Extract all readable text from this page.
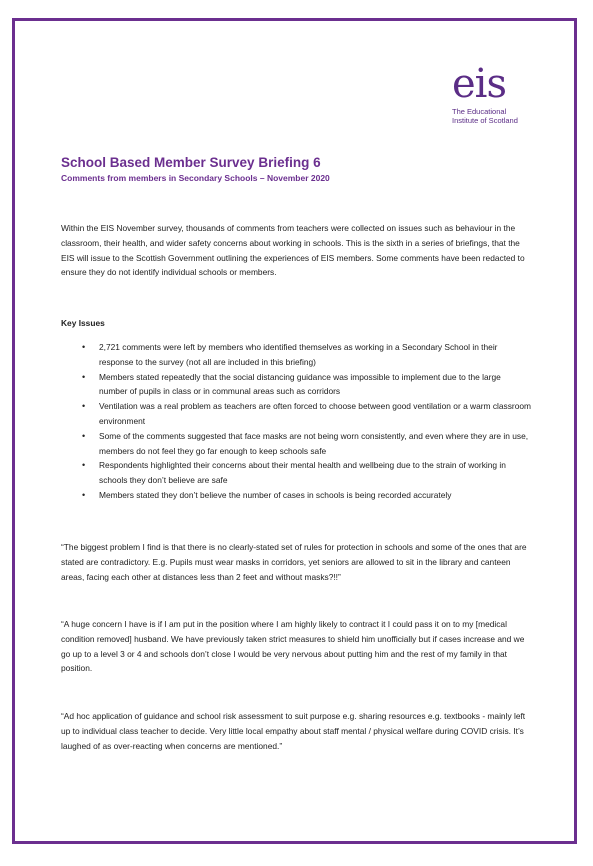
eis
The Educational
Institute of Scotland
School Based Member Survey Briefing 6
Comments from members in Secondary Schools – November 2020
Within the EIS November survey, thousands of comments from teachers were collected on issues such as behaviour in the classroom, their health, and wider safety concerns about working in schools. This is the sixth in a series of briefings, that the EIS will issue to the Scottish Government outlining the experiences of EIS members. Some comments have been redacted to ensure they do not identify individual schools or members.
Key Issues
• 2,721 comments were left by members who identified themselves as working in a Secondary School in their response to the survey (not all are included in this briefing)
• Members stated repeatedly that the social distancing guidance was impossible to implement due to the large number of pupils in class or in communal areas such as corridors
• Ventilation was a real problem as teachers are often forced to choose between good ventilation or a warm classroom environment
• Some of the comments suggested that face masks are not being worn consistently, and even where they are in use, members do not feel they go far enough to keep schools safe
• Respondents highlighted their concerns about their mental health and wellbeing due to the strain of working in schools they don’t believe are safe
• Members stated they don’t believe the number of cases in schools is being recorded accurately
“The biggest problem I find is that there is no clearly-stated set of rules for protection in schools and some of the ones that are stated are contradictory. E.g. Pupils must wear masks in corridors, yet seniors are allowed to sit in the library and canteen areas, facing each other at distances less than 2 feet and without masks?!!”
“A huge concern I have is if I am put in the position where I am highly likely to contract it I could pass it on to my [medical condition removed] husband. We have previously taken strict measures to shield him unofficially but if cases increase and we go up to a level 3 or 4 and schools don’t close I would be very nervous about putting him and the rest of my family in that position.
“Ad hoc application of guidance and school risk assessment to suit purpose e.g. sharing resources e.g. textbooks - mainly left up to individual class teacher to decide. Very little local empathy about staff mental / physical welfare during COVID crisis. It’s laughed of as over-reacting when concerns are mentioned.”
